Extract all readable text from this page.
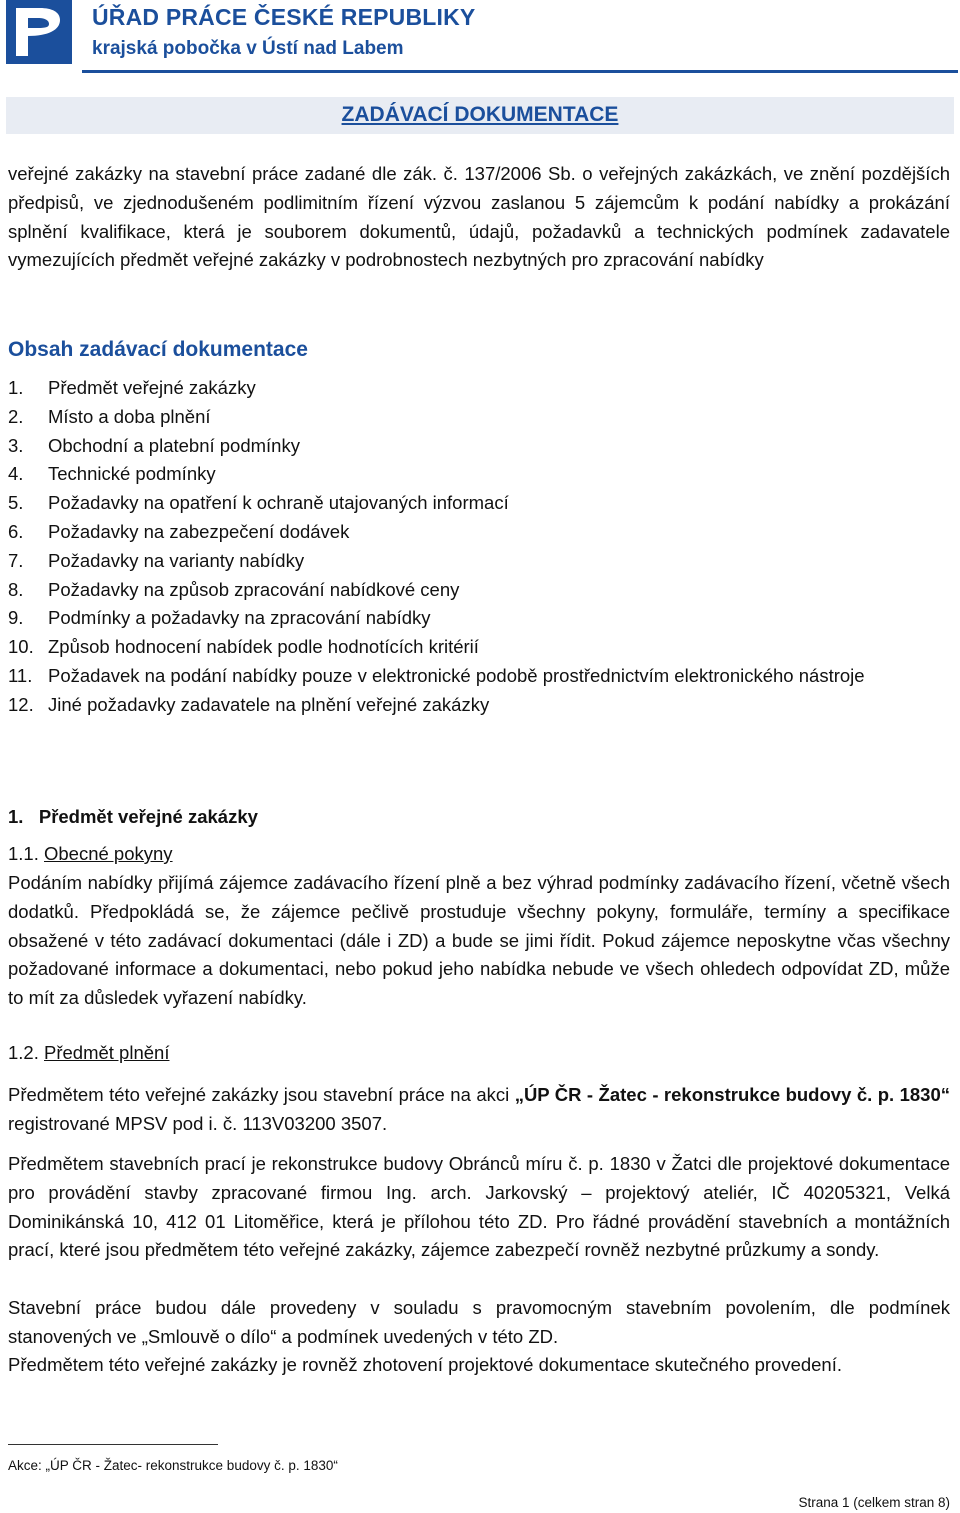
ÚŘAD PRÁCE ČESKÉ REPUBLIKY
krajská pobočka v Ústí nad Labem
ZADÁVACÍ DOKUMENTACE

veřejné zakázky na stavební práce zadané dle zák. č. 137/2006 Sb. o veřejných zakázkách, ve znění pozdějších předpisů, ve zjednodušeném podlimitním řízení výzvou zaslanou 5 zájemcům k podání nabídky a prokázání splnění kvalifikace, která je souborem dokumentů, údajů, požadavků a technických podmínek zadavatele vymezujících předmět veřejné zakázky v podrobnostech nezbytných pro zpracování nabídky

Obsah zadávací dokumentace
1. Předmět veřejné zakázky
2. Místo a doba plnění
3. Obchodní a platební podmínky
4. Technické podmínky
5. Požadavky na opatření k ochraně utajovaných informací
6. Požadavky na zabezpečení dodávek
7. Požadavky na varianty nabídky
8. Požadavky na způsob zpracování nabídkové ceny
9. Podmínky a požadavky na zpracování nabídky
10. Způsob hodnocení nabídek podle hodnotících kritérií
11. Požadavek na podání nabídky pouze v elektronické podobě prostřednictvím elektronického nástroje
12. Jiné požadavky zadavatele na plnění veřejné zakázky
1. Předmět veřejné zakázky
1.1. Obecné pokyny

Podáním nabídky přijímá zájemce zadávacího řízení plně a bez výhrad podmínky zadávacího řízení, včetně všech dodatků. Předpokládá se, že zájemce pečlivě prostuduje všechny pokyny, formuláře, termíny a specifikace obsažené v této zadávací dokumentaci (dále i ZD) a bude se jimi řídit. Pokud zájemce neposkytne včas všechny požadované informace a dokumentaci, nebo pokud jeho nabídka nebude ve všech ohledech odpovídat ZD, může to mít za důsledek vyřazení nabídky.

1.2. Předmět plnění

Předmětem této veřejné zakázky jsou stavební práce na akci „ÚP ČR - Žatec - rekonstrukce budovy č. p. 1830“ registrované MPSV pod i. č. 113V03200 3507.

Předmětem stavebních prací je rekonstrukce budovy Obránců míru č. p. 1830 v Žatci dle projektové dokumentace pro provádění stavby zpracované firmou Ing. arch. Jarkovský – projektový ateliér, IČ 40205321, Velká Dominikánská 10, 412 01 Litoměřice, která je přílohou této ZD. Pro řádné provádění stavebních a montážních prací, které jsou předmětem této veřejné zakázky, zájemce zabezpečí rovněž nezbytné průzkumy a sondy.

Stavební práce budou dále provedeny v souladu s pravomocným stavebním povolením, dle podmínek stanovených ve „Smlouvě o dílo“ a podmínek uvedených v této ZD.

Předmětem této veřejné zakázky je rovněž zhotovení projektové dokumentace skutečného provedení.

Akce: „ÚP ČR - Žatec- rekonstrukce budovy č. p. 1830“
Strana 1 (celkem stran 8)
